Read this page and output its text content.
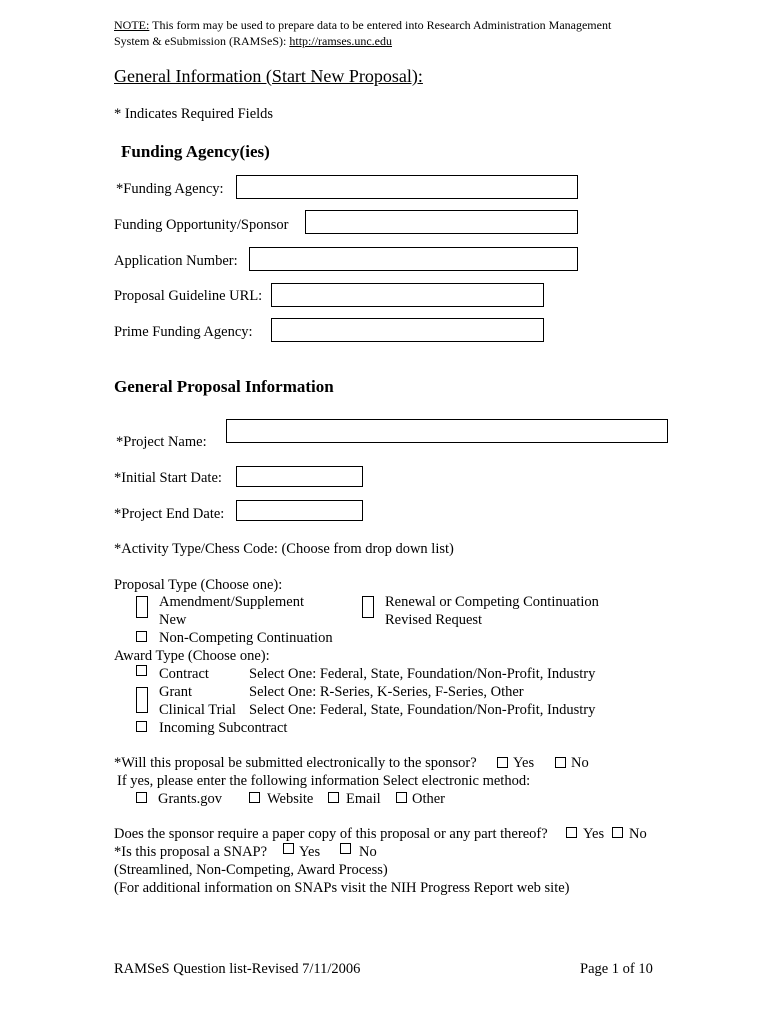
NOTE: This form may be used to prepare data to be entered into Research Administration Management
System & eSubmission (RAMSeS): http://ramses.unc.edu
General Information (Start New Proposal):
* Indicates Required Fields
Funding Agency(ies)
*Funding Agency:
Funding Opportunity/Sponsor
Application Number:
Proposal Guideline URL:
Prime Funding Agency:
General Proposal Information
*Project Name:
*Initial Start Date:
*Project End Date:
*Activity Type/Chess Code: (Choose from drop down list)
Proposal Type (Choose one):
Amendment/Supplement
New
Renewal or Competing Continuation
Revised Request
Non-Competing Continuation
Award Type (Choose one):
Contract	Select One: Federal, State, Foundation/Non-Profit, Industry
Grant	Select One: R-Series, K-Series, F-Series, Other
Clinical Trial Select One: Federal, State, Foundation/Non-Profit, Industry
Incoming Subcontract
*Will this proposal be submitted electronically to the sponsor?	Yes	No
If yes, please enter the following information Select electronic method:
Grants.gov	Website Email Other
Does the sponsor require a paper copy of this proposal or any part thereof? Yes No
*Is this proposal a SNAP? Yes	No
(Streamlined, Non-Competing, Award Process)
(For additional information on SNAPs visit the NIH Progress Report web site)
RAMSeS Question list-Revised 7/11/2006	Page 1 of 10
